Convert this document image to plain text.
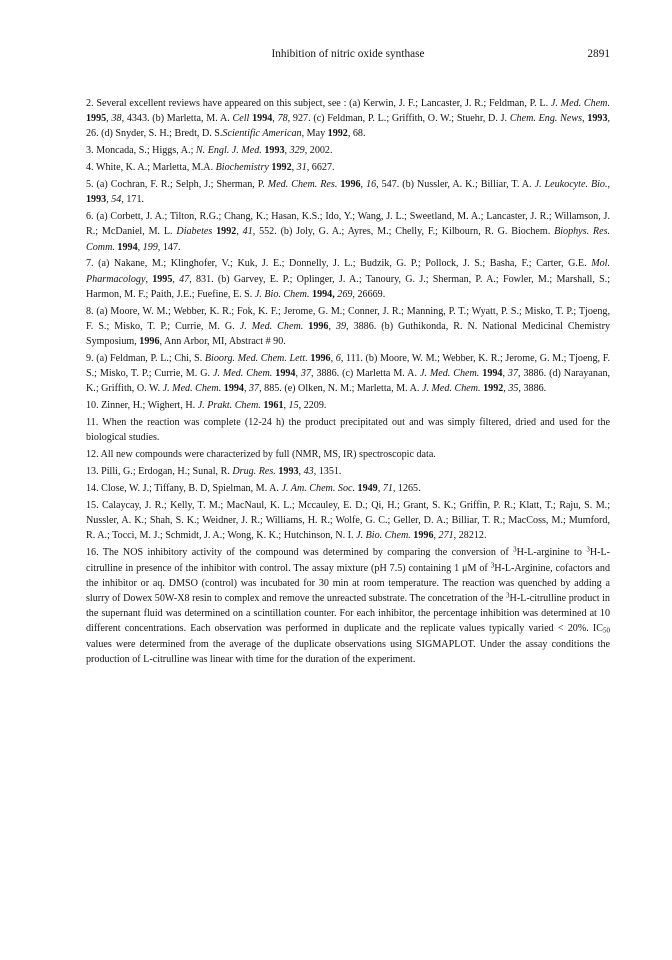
Inhibition of nitric oxide synthase	2891

2. Several excellent reviews have appeared on this subject, see : (a) Kerwin, J. F.; Lancaster, J. R.; Feldman, P. L. J. Med. Chem. 1995, 38, 4343. (b) Marletta, M. A. Cell 1994, 78, 927. (c) Feldman, P. L.; Griffith, O. W.; Stuehr, D. J. Chem. Eng. News, 1993, 26. (d) Snyder, S. H.; Bredt, D. S.Scientific American, May 1992, 68.

3. Moncada, S.; Higgs, A.; N. Engl. J. Med. 1993, 329, 2002.

4. White, K. A.; Marletta, M.A. Biochemistry 1992, 31, 6627.

5. (a) Cochran, F. R.; Selph, J.; Sherman, P. Med. Chem. Res. 1996, 16, 547. (b) Nussler, A. K.; Billiar, T. A. J. Leukocyte. Bio., 1993, 54, 171.

6. (a) Corbett, J. A.; Tilton, R.G.; Chang, K.; Hasan, K.S.; Ido, Y.; Wang, J. L.; Sweetland, M. A.; Lancaster, J. R.; Willamson, J. R.; McDaniel, M. L. Diabetes 1992, 41, 552. (b) Joly, G. A.; Ayres, M.; Chelly, F.; Kilbourn, R. G. Biochem. Biophys. Res. Comm. 1994, 199, 147.

7. (a) Nakane, M.; Klinghofer, V.; Kuk, J. E.; Donnelly, J. L.; Budzik, G. P.; Pollock, J. S.; Basha, F.; Carter, G.E. Mol. Pharmacology, 1995, 47, 831. (b) Garvey, E. P.; Oplinger, J. A.; Tanoury, G. J.; Sherman, P. A.; Fowler, M.; Marshall, S.; Harmon, M. F.; Paith, J.E.; Fuefine, E. S. J. Bio. Chem. 1994, 269, 26669.

8. (a) Moore, W. M.; Webber, K. R.; Fok, K. F.; Jerome, G. M.; Conner, J. R.; Manning, P. T.; Wyatt, P. S.; Misko, T. P.; Tjoeng, F. S.; Misko, T. P.; Currie, M. G. J. Med. Chem. 1996, 39, 3886. (b) Guthikonda, R. N. National Medicinal Chemistry Symposium, 1996, Ann Arbor, MI, Abstract # 90.

9. (a) Feldman, P. L.; Chi, S. Bioorg. Med. Chem. Lett. 1996, 6, 111. (b) Moore, W. M.; Webber, K. R.; Jerome, G. M.; Tjoeng, F. S.; Misko, T. P.; Currie, M. G. J. Med. Chem. 1994, 37, 3886. (c) Marletta M. A. J. Med. Chem. 1994, 37, 3886. (d) Narayanan, K.; Griffith, O. W. J. Med. Chem. 1994, 37, 885. (e) Olken, N. M.; Marletta, M. A. J. Med. Chem. 1992, 35, 3886.

10. Zinner, H.; Wighert, H. J. Prakt. Chem. 1961, 15, 2209.

11. When the reaction was complete (12-24 h) the product precipitated out and was simply filtered, dried and used for the biological studies.

12. All new compounds were characterized by full (NMR, MS, IR) spectroscopic data.

13. Pilli, G.; Erdogan, H.; Sunal, R. Drug. Res. 1993, 43, 1351.

14. Close, W. J.; Tiffany, B. D, Spielman, M. A. J. Am. Chem. Soc. 1949, 71, 1265.

15. Calaycay, J. R.; Kelly, T. M.; MacNaul, K. L.; Mccauley, E. D.; Qi, H.; Grant, S. K.; Griffin, P. R.; Klatt, T.; Raju, S. M.; Nussler, A. K.; Shah, S. K.; Weidner, J. R.; Williams, H. R.; Wolfe, G. C.; Geller, D. A.; Billiar, T. R.; MacCoss, M.; Mumford, R. A.; Tocci, M. J.; Schmidt, J. A.; Wong, K. K.; Hutchinson, N. I. J. Bio. Chem. 1996, 271, 28212.

16. The NOS inhibitory activity of the compound was determined by comparing the conversion of $^3$H-L-arginine to $^3$H-L-citrulline in presence of the inhibitor with control. The assay mixture (pH 7.5) containing 1 μM of $^3$H-L-Arginine, cofactors and the inhibitor or aq. DMSO (control) was incubated for 30 min at room temperature. The reaction was quenched by adding a slurry of Dowex 50W-X8 resin to complex and remove the unreacted substrate. The concetration of the $^3$H-L-citrulline product in the supernant fluid was determined on a scintillation counter. For each inhibitor, the percentage inhibition was determined at 10 different concentrations. Each observation was performed in duplicate and the replicate values typically varied < 20%. $IC_{50}$ values were determined from the average of the duplicate observations using SIGMAPLOT. Under the assay conditions the production of L-citrulline was linear with time for the duration of the experiment.
